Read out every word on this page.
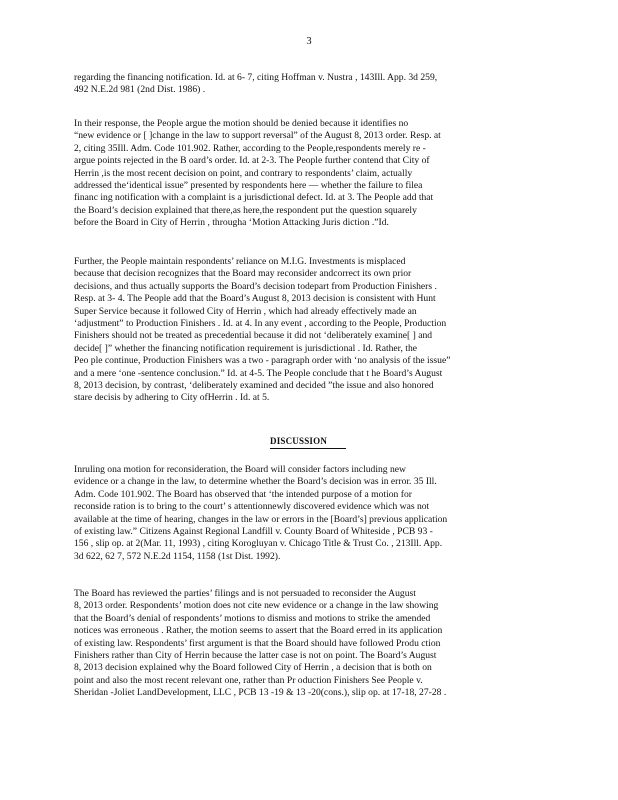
3
regarding the financing notification. Id. at 6- 7, citing Hoffman v. Nustra , 143Ill. App. 3d 259,
492 N.E.2d 981 (2nd Dist. 1986) .
In their response, the People argue the motion should be denied because it identifies no
“new evidence or [ ]change in the law to support reversal” of the August 8, 2013 order. Resp. at
2, citing 35Ill. Adm. Code 101.902. Rather, according to the People,respondents merely re -
argue points rejected in the B oard’s order. Id. at 2-3. The People further contend that City of
Herrin ,is the most recent decision on point, and contrary to respondents’ claim, actually
addressed the‘identical issue” presented by respondents here — whether the failure to filea
financ ing notification with a complaint is a jurisdictional defect. Id. at 3. The People add that
the Board’s decision explained that there,as here,the respondent put the question squarely
before the Board in City of Herrin , througha ‘Motion Attacking Juris diction .”Id.
Further, the People maintain respondents’ reliance on M.I.G. Investments is misplaced
because that decision recognizes that the Board may reconsider andcorrect its own prior
decisions, and thus actually supports the Board’s decision todepart from Production Finishers .
Resp. at 3- 4. The People add that the Board’s August 8, 2013 decision is consistent with Hunt
Super Service because it followed City of Herrin , which had already effectively made an
‘adjustment” to Production Finishers . Id. at 4. In any event , according to the People, Production
Finishers should not be treated as precedential because it did not ‘deliberately examine[ ] and
decide[ ]” whether the financing notification requirement is jurisdictional . Id. Rather, the
Peo ple continue, Production Finishers was a two - paragraph order with ‘no analysis of the issue”
and a mere ‘one -sentence conclusion.” Id. at 4-5. The People conclude that t he Board’s August
8, 2013 decision, by contrast, ‘deliberately examined and decided ”the issue and also honored
stare decisis by adhering to City ofHerrin . Id. at 5.
DISCUSSION
Inruling ona motion for reconsideration, the Board will consider factors including new
evidence or a change in the law, to determine whether the Board’s decision was in error. 35 Ill.
Adm. Code 101.902. The Board has observed that ‘the intended purpose of a motion for
reconside ration is to bring to the court’ s attentionnewly discovered evidence which was not
available at the time of hearing, changes in the law or errors in the [Board’s] previous application
of existing law.” Citizens Against Regional Landfill v. County Board of Whiteside , PCB 93 -
156 , slip op. at 2(Mar. 11, 1993) , citing Korogluyan v. Chicago Title & Trust Co. , 213Ill. App.
3d 622, 62 7, 572 N.E.2d 1154, 1158 (1st Dist. 1992).
The Board has reviewed the parties’ filings and is not persuaded to reconsider the August
8, 2013 order. Respondents’ motion does not cite new evidence or a change in the law showing
that the Board’s denial of respondents’ motions to dismiss and motions to strike the amended
notices was erroneous . Rather, the motion seems to assert that the Board erred in its application
of existing law. Respondents’ first argument is that the Board should have followed Produ ction
Finishers rather than City of Herrin because the latter case is not on point. The Board’s August
8, 2013 decision explained why the Board followed City of Herrin , a decision that is both on
point and also the most recent relevant one, rather than Pr oduction Finishers See People v.
Sheridan -Joliet LandDevelopment, LLC , PCB 13 -19 & 13 -20(cons.), slip op. at 17-18, 27-28 .
